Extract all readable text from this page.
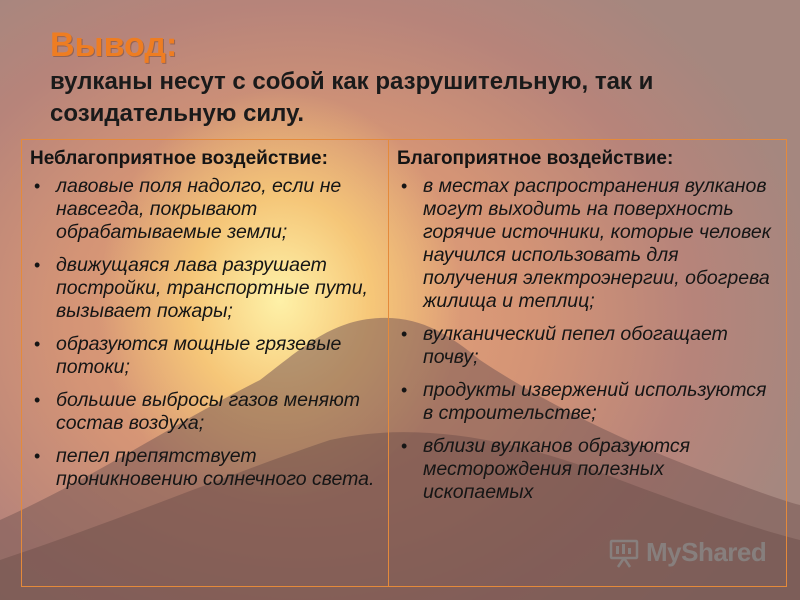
Вывод:
вулканы несут с собой как разрушительную, так и созидательную силу.
Неблагоприятное воздействие:
• лавовые поля надолго, если не навсегда, покрывают обрабатываемые земли;
• движущаяся лава разрушает постройки, транспортные пути, вызывает пожары;
• образуются мощные грязевые потоки;
• большие выбросы газов меняют состав воздуха;
• пепел препятствует проникновению солнечного света.
Благоприятное воздействие:
• в местах распространения вулканов могут выходить на поверхность горячие источники, которые человек научился использовать для получения электроэнергии, обогрева жилища и теплиц;
• вулканический пепел обогащает почву;
• продукты извержений используются в строительстве;
• вблизи вулканов образуются месторождения полезных ископаемых
MyShared
